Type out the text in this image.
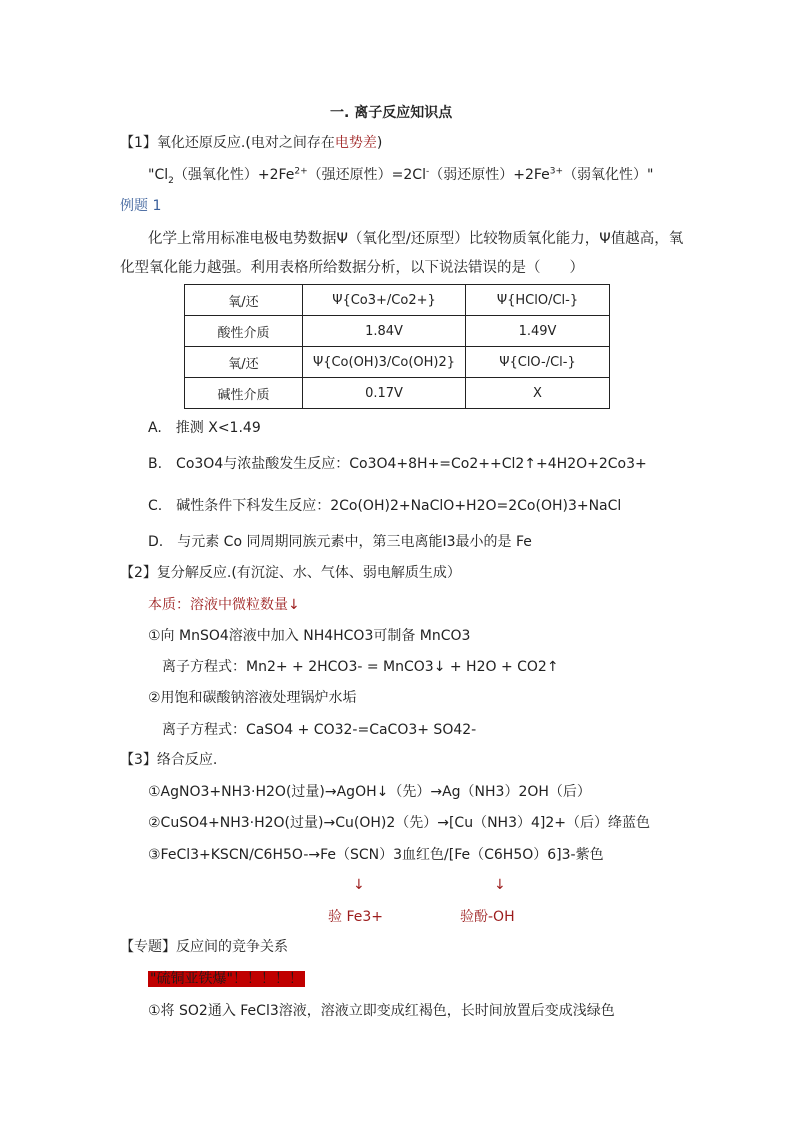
一. 离子反应知识点
【1】氧化还原反应.(电对之间存在电势差)
"$Cl_2$（强氧化性）$+2Fe^{2+}$（强还原性）=2Cl-（弱还原性）$+2Fe^{3+}$（弱氧化性）"
例题 1
化学上常用标准电极电势数据Ψ（氧化型/还原型）比较物质氧化能力，Ψ值越高，氧
化型氧化能力越强。利用表格所给数据分析，以下说法错误的是（　　）
氧/还	Ψ{Co3+/Co2+}	Ψ{HClO/Cl-}
酸性介质	1.84V	1.49V
氧/还	Ψ{Co(OH)3/Co(OH)2}	Ψ{ClO-/Cl-}
碱性介质	0.17V	X
A.　推测 X<1.49
B.　Co3O4与浓盐酸发生反应：Co3O4+8H+=Co2++Cl2↑+4H2O+2Co3+
C.　碱性条件下科发生反应：2Co(OH)2+NaClO+H2O=2Co(OH)3+NaCl
D.　与元素 Co 同周期同族元素中，第三电离能Ⅰ3最小的是 Fe
【2】复分解反应.(有沉淀、水、气体、弱电解质生成）
本质：溶液中微粒数量↓
①向 MnSO4溶液中加入 NH4HCO3可制备 MnCO3
离子方程式：Mn2+ + 2HCO3- = MnCO3↓ + H2O + CO2↑
②用饱和碳酸钠溶液处理锅炉水垢
离子方程式：CaSO4 + CO32-=CaCO3+ SO42-
【3】络合反应.
①AgNO3+NH3·H2O(过量)→AgOH↓（先）→Ag（NH3）2OH（后）
②CuSO4+NH3·H2O(过量)→Cu(OH)2（先）→[Cu（NH3）4]2+（后）绛蓝色
③FeCl3+KSCN/C6H5O-→Fe（SCN）3血红色/[Fe（C6H5O）6]3-紫色
↓	↓
验 Fe3+	验酚-OH
【专题】反应间的竞争关系
"硫铜亚铁爆"！！！！！
①将 SO2通入 FeCl3溶液，溶液立即变成红褐色，长时间放置后变成浅绿色
